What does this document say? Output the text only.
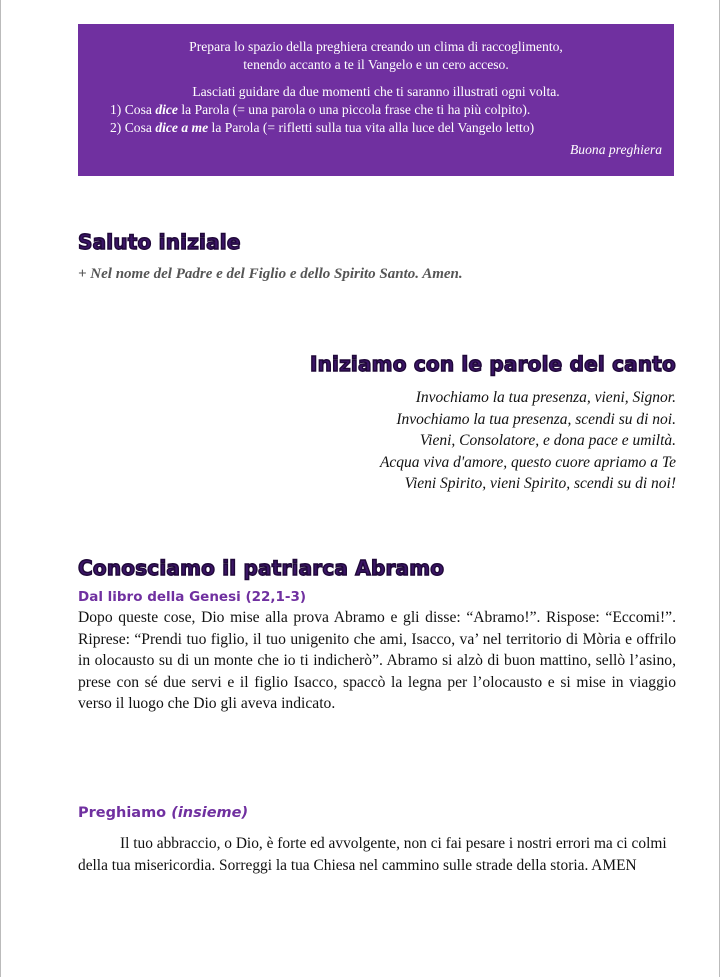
Prepara lo spazio della preghiera creando un clima di raccoglimento,
tenendo accanto a te il Vangelo e un cero acceso.
Lasciati guidare da due momenti che ti saranno illustrati ogni volta.
1) Cosa dice la Parola (= una parola o una piccola frase che ti ha più colpito).
2) Cosa dice a me la Parola (= rifletti sulla tua vita alla luce del Vangelo letto)
Buona preghiera
Saluto iniziale
+ Nel nome del Padre e del Figlio e dello Spirito Santo. Amen.
Iniziamo con le parole del canto
Invochiamo la tua presenza, vieni, Signor.
Invochiamo la tua presenza, scendi su di noi.
Vieni, Consolatore, e dona pace e umiltà.
Acqua viva d'amore, questo cuore apriamo a Te
Vieni Spirito, vieni Spirito, scendi su di noi!
Conosciamo il patriarca Abramo
Dal libro della Genesi (22,1-3)
Dopo queste cose, Dio mise alla prova Abramo e gli disse: “Abramo!”. Rispose: “Eccomi!”. Riprese: “Prendi tuo figlio, il tuo unigenito che ami, Isacco, va’ nel territorio di Mòria e offrilo in olocausto su di un monte che io ti indicherò”. Abramo si alzò di buon mattino, sellò l’asino, prese con sé due servi e il figlio Isacco, spaccò la legna per l’olocausto e si mise in viaggio verso il luogo che Dio gli aveva indicato.
Preghiamo (insieme)
Il tuo abbraccio, o Dio, è forte ed avvolgente, non ci fai pesare i nostri errori ma ci colmi della tua misericordia. Sorreggi la tua Chiesa nel cammino sulle strade della storia. AMEN
